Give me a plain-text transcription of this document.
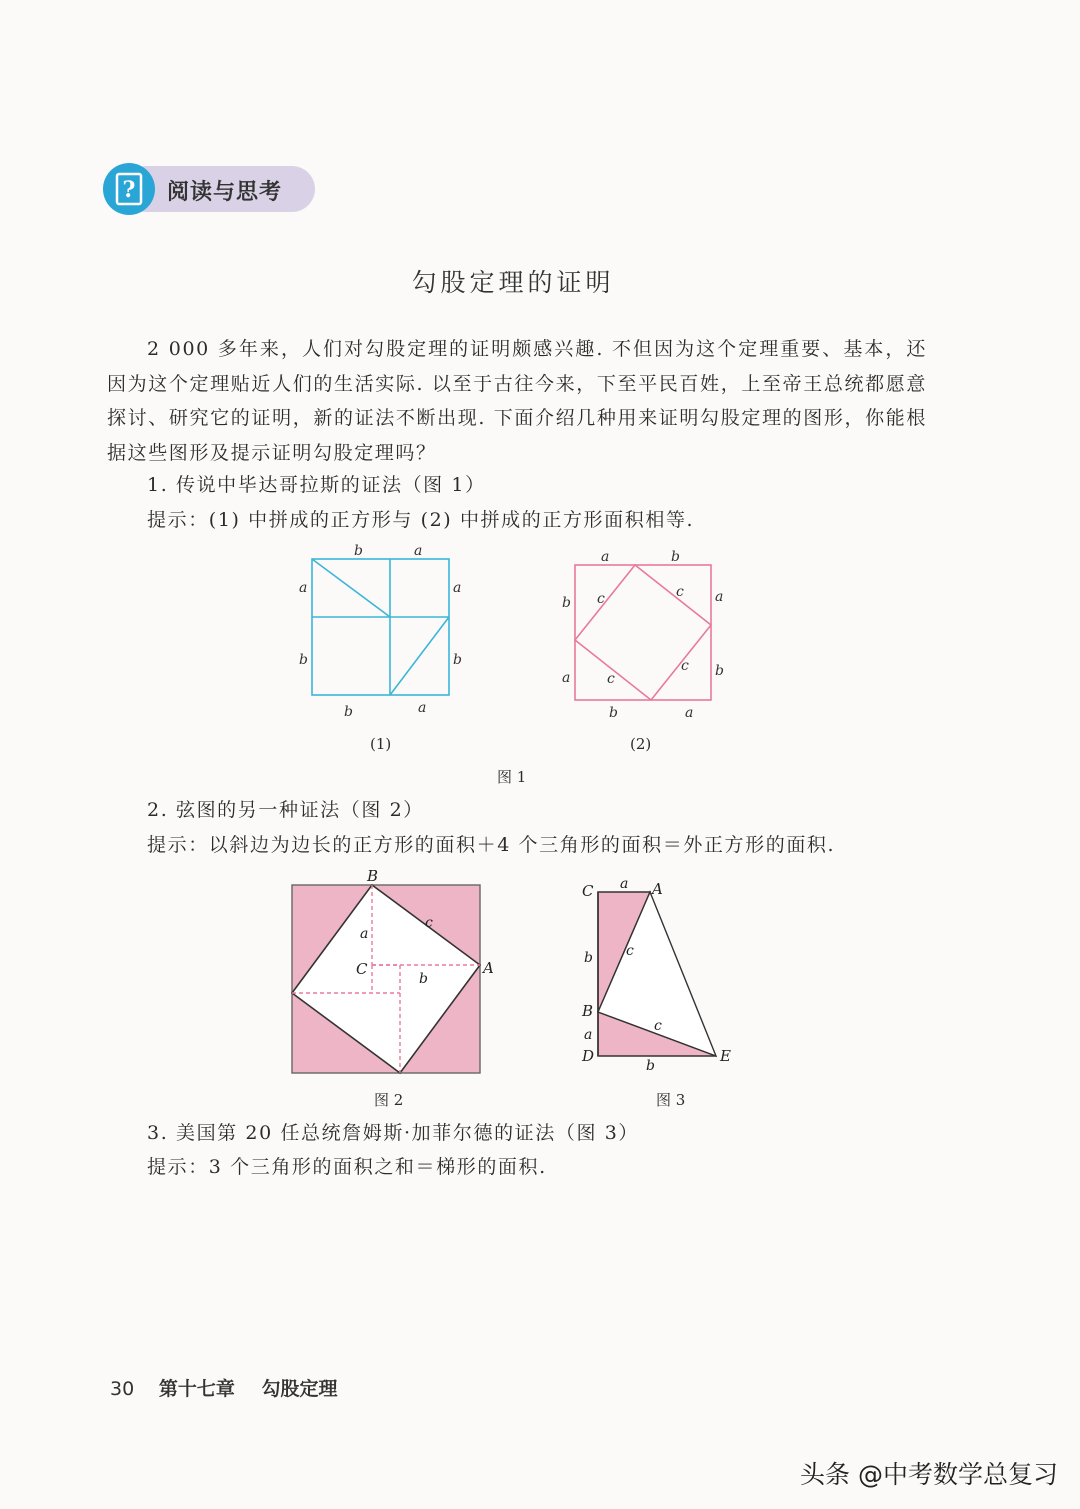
? 阅读与思考
勾股定理的证明
2 000 多年来，人们对勾股定理的证明颇感兴趣. 不但因为这个定理重要、基本，还因为这个定理贴近人们的生活实际. 以至于古往今来，下至平民百姓，上至帝王总统都愿意探讨、研究它的证明，新的证法不断出现. 下面介绍几种用来证明勾股定理的图形，你能根据这些图形及提示证明勾股定理吗？
1. 传说中毕达哥拉斯的证法（图 1）
提示：(1) 中拼成的正方形与 (2) 中拼成的正方形面积相等.
b	a
a	a
b	b
b	a
(1)
a	b
b	a
c	c
a	b
c
c
b	a
(2)
图 1
2. 弦图的另一种证法（图 2）
提示：以斜边为边长的正方形的面积＋4 个三角形的面积＝外正方形的面积.
B
C	A
a
b
c
图 2
C	A
B
D	E
a
b c
a
c
b
图 3
3. 美国第 20 任总统詹姆斯·加菲尔德的证法（图 3）
提示：3 个三角形的面积之和＝梯形的面积.
30 第十七章 勾股定理
头条 @中考数学总复习
